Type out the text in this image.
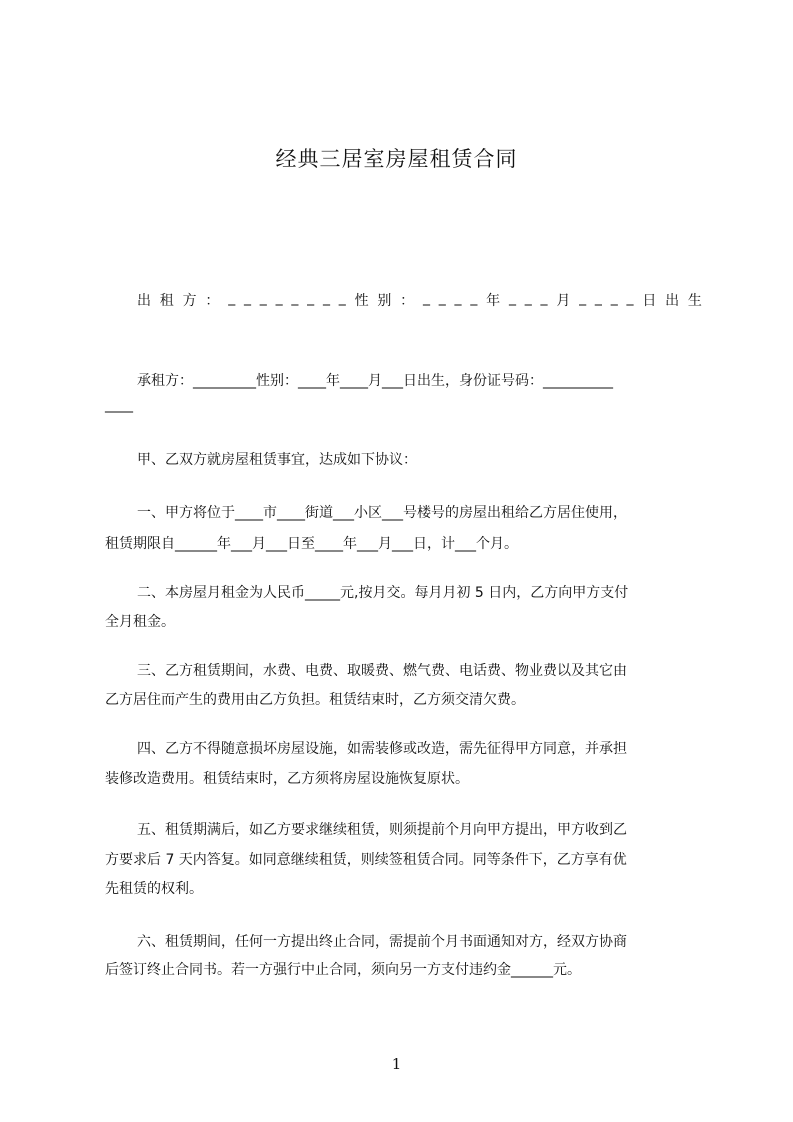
经典三居室房屋租赁合同
出 租 方 ： _ _ _ _ _ _ _ _ 性 别 ： _ _ _ _ 年 _ _ _ 月 _ _ _ _ 日 出 生
承租方：_________性别：____年____月___日出生，身份证号码：__________
____
甲、乙双方就房屋租赁事宜，达成如下协议：
一、甲方将位于____市____街道___小区___号楼号的房屋出租给乙方居住使用，
租赁期限自______年___月___日至____年___月___日，计___个月。
二、本房屋月租金为人民币_____元,按月交。每月月初 5 日内，乙方向甲方支付
全月租金。
三、乙方租赁期间，水费、电费、取暖费、燃气费、电话费、物业费以及其它由
乙方居住而产生的费用由乙方负担。租赁结束时，乙方须交清欠费。
四、乙方不得随意损坏房屋设施，如需装修或改造，需先征得甲方同意，并承担
装修改造费用。租赁结束时，乙方须将房屋设施恢复原状。
五、租赁期满后，如乙方要求继续租赁，则须提前个月向甲方提出，甲方收到乙
方要求后 7 天内答复。如同意继续租赁，则续签租赁合同。同等条件下，乙方享有优
先租赁的权利。
六、租赁期间，任何一方提出终止合同，需提前个月书面通知对方，经双方协商
后签订终止合同书。若一方强行中止合同，须向另一方支付违约金______元。
1
